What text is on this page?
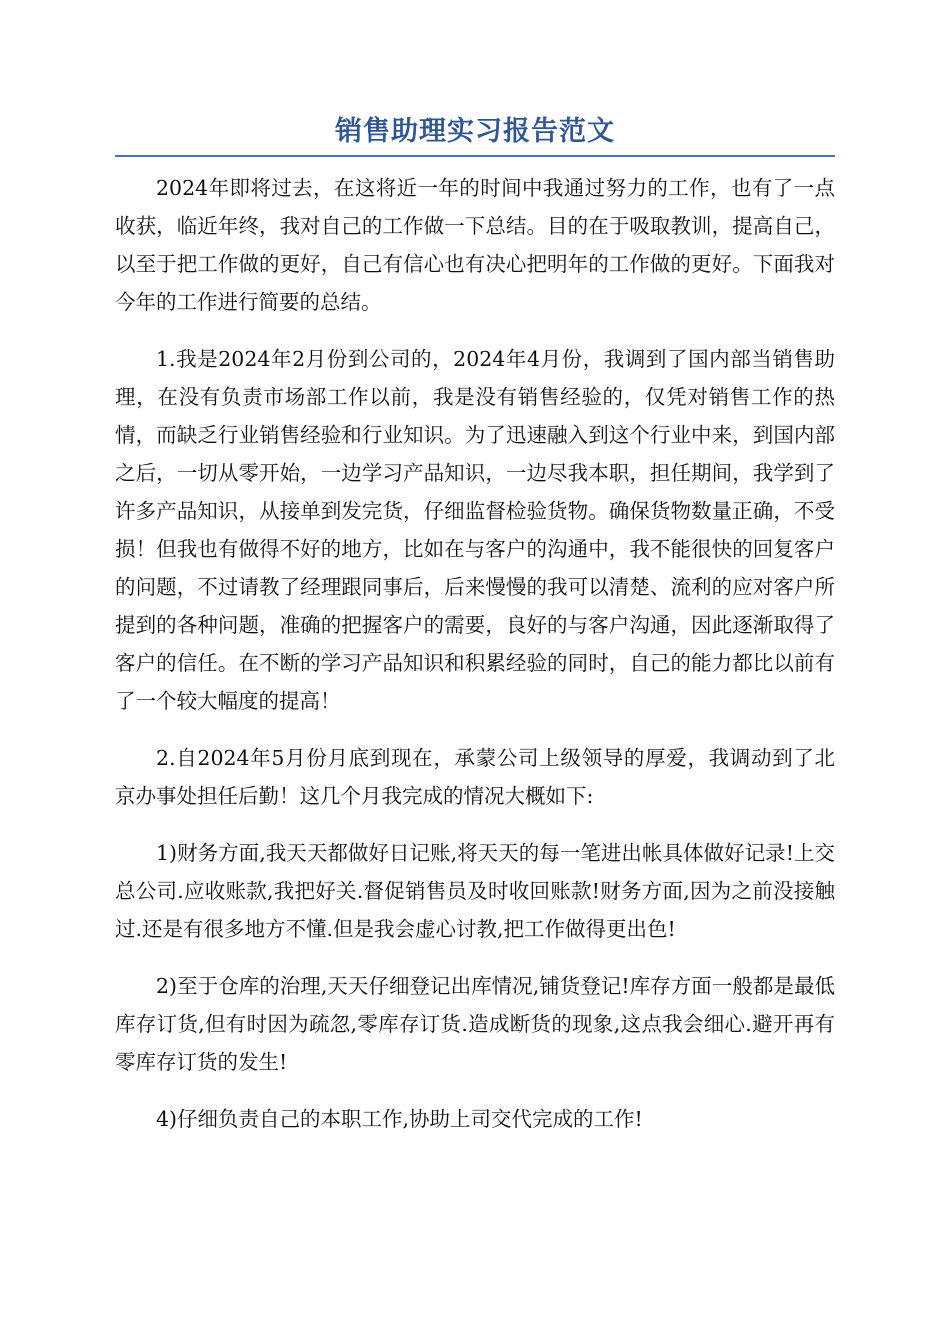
销售助理实习报告范文

2024年即将过去，在这将近一年的时间中我通过努力的工作，也有了一点收获，临近年终，我对自己的工作做一下总结。目的在于吸取教训，提高自己，以至于把工作做的更好，自己有信心也有决心把明年的工作做的更好。下面我对今年的工作进行简要的总结。

1.我是2024年2月份到公司的，2024年4月份，我调到了国内部当销售助理，在没有负责市场部工作以前，我是没有销售经验的，仅凭对销售工作的热情，而缺乏行业销售经验和行业知识。为了迅速融入到这个行业中来，到国内部之后，一切从零开始，一边学习产品知识，一边尽我本职，担任期间，我学到了许多产品知识，从接单到发完货，仔细监督检验货物。确保货物数量正确，不受损！但我也有做得不好的地方，比如在与客户的沟通中，我不能很快的回复客户的问题，不过请教了经理跟同事后，后来慢慢的我可以清楚、流利的应对客户所提到的各种问题，准确的把握客户的需要，良好的与客户沟通，因此逐渐取得了客户的信任。在不断的学习产品知识和积累经验的同时，自己的能力都比以前有了一个较大幅度的提高！

2.自2024年5月份月底到现在，承蒙公司上级领导的厚爱，我调动到了北京办事处担任后勤！这几个月我完成的情况大概如下:

1)财务方面,我天天都做好日记账,将天天的每一笔进出帐具体做好记录!上交总公司.应收账款,我把好关.督促销售员及时收回账款!财务方面,因为之前没接触过.还是有很多地方不懂.但是我会虚心讨教,把工作做得更出色!

2)至于仓库的治理,天天仔细登记出库情况,铺货登记!库存方面一般都是最低库存订货,但有时因为疏忽,零库存订货.造成断货的现象,这点我会细心.避开再有零库存订货的发生!

4)仔细负责自己的本职工作,协助上司交代完成的工作!
